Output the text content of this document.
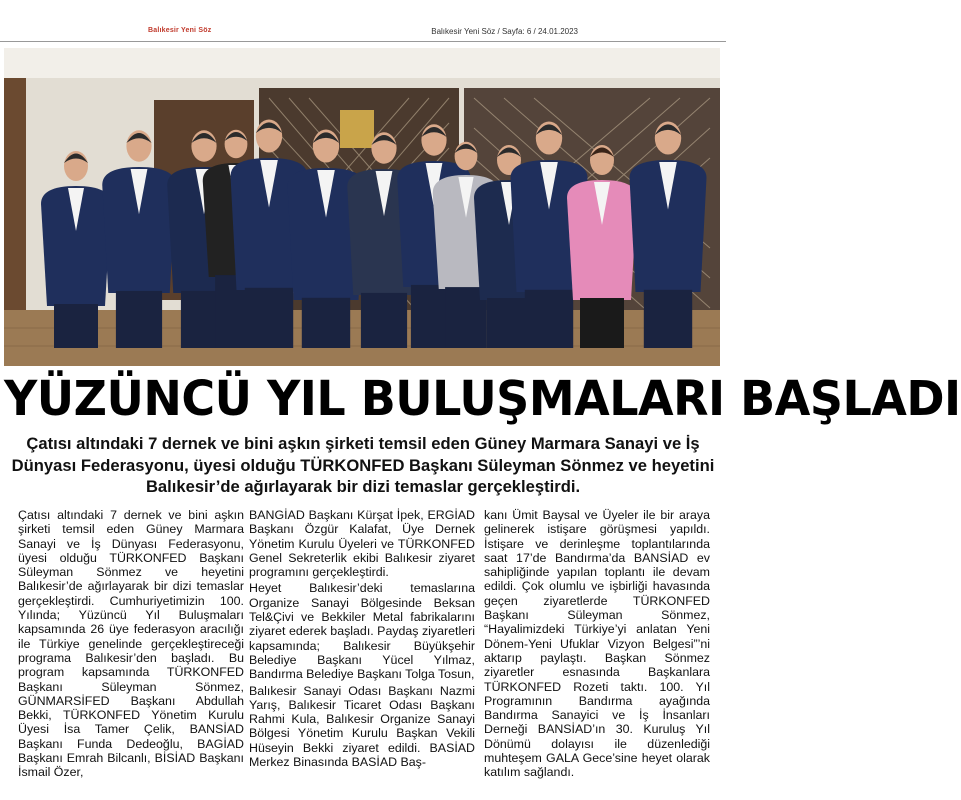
Balıkesir Yeni Söz	Balıkesir Yeni Söz / Sayfa: 6 / 24.01.2023
YÜZÜNCÜ YIL BULUŞMALARI BAŞLADI
Çatısı altındaki 7 dernek ve bini aşkın şirketi temsil eden Güney Marmara Sanayi ve İş Dünyası Federasyonu, üyesi olduğu TÜRKONFED Başkanı Süleyman Sönmez ve heyetini Balıkesir’de ağırlayarak bir dizi temaslar gerçekleştirdi.

Çatısı altındaki 7 dernek ve bini aşkın şirketi temsil eden Güney Marmara Sanayi ve İş Dünyası Federasyonu, üyesi olduğu TÜRKONFED Başkanı Süleyman Sönmez ve heyetini Balıkesir’de ağırlayarak bir dizi temaslar gerçekleştirdi. Cumhuriyetimizin 100. Yılında; Yüzüncü Yıl Buluşmaları kapsamında 26 üye federasyon aracılığı ile Türkiye genelinde gerçekleştireceği programa Balıkesir’den başladı. Bu program kapsamında TÜRKONFED Başkanı Süleyman Sönmez, GÜNMARSİFED Başkanı Abdullah Bekki, TÜRKONFED Yönetim Kurulu Üyesi İsa Tamer Çelik, BANSİAD Başkanı Funda Dedeoğlu, BAGİAD Başkanı Emrah Bilcanlı, BİSİAD Başkanı İsmail Özer,

BANGİAD Başkanı Kürşat İpek, ERGİAD Başkanı Özgür Kalafat, Üye Dernek Yönetim Kurulu Üyeleri ve TÜRKONFED Genel Sekreterlik ekibi Balıkesir ziyaret programını gerçekleştirdi.

Heyet Balıkesir’deki temaslarına Organize Sanayi Bölgesinde Beksan Tel&Çivi ve Bekkiler Metal fabrikalarını ziyaret ederek başladı. Paydaş ziyaretleri kapsamında; Balıkesir Büyükşehir Belediye Başkanı Yücel Yılmaz, Bandırma Belediye Başkanı Tolga Tosun,

Balıkesir Sanayi Odası Başkanı Nazmi Yarış, Balıkesir Ticaret Odası Başkanı Rahmi Kula, Balıkesir Organize Sanayi Bölgesi Yönetim Kurulu Başkan Vekili Hüseyin Bekki ziyaret edildi. BASİAD Merkez Binasında BASİAD Baş-

kanı Ümit Baysal ve Üyeler ile bir araya gelinerek istişare görüşmesi yapıldı. İstişare ve derinleşme toplantılarında saat 17’de Bandırma’da BANSİAD ev sahipliğinde yapılan toplantı ile devam edildi. Çok olumlu ve işbirliği havasında geçen ziyaretlerde TÜRKONFED Başkanı Süleyman Sönmez, “Hayalimizdeki Türkiye’yi anlatan Yeni Dönem-Yeni Ufuklar Vizyon Belgesi”’ni aktarıp paylaştı. Başkan Sönmez ziyaretler esnasında Başkanlara TÜRKONFED Rozeti taktı. 100. Yıl Programının Bandırma ayağında Bandırma Sanayici ve İş İnsanları Derneği BANSİAD’ın 30. Kuruluş Yıl Dönümü dolayısı ile düzenlediği muhteşem GALA Gece’sine heyet olarak katılım sağlandı.
